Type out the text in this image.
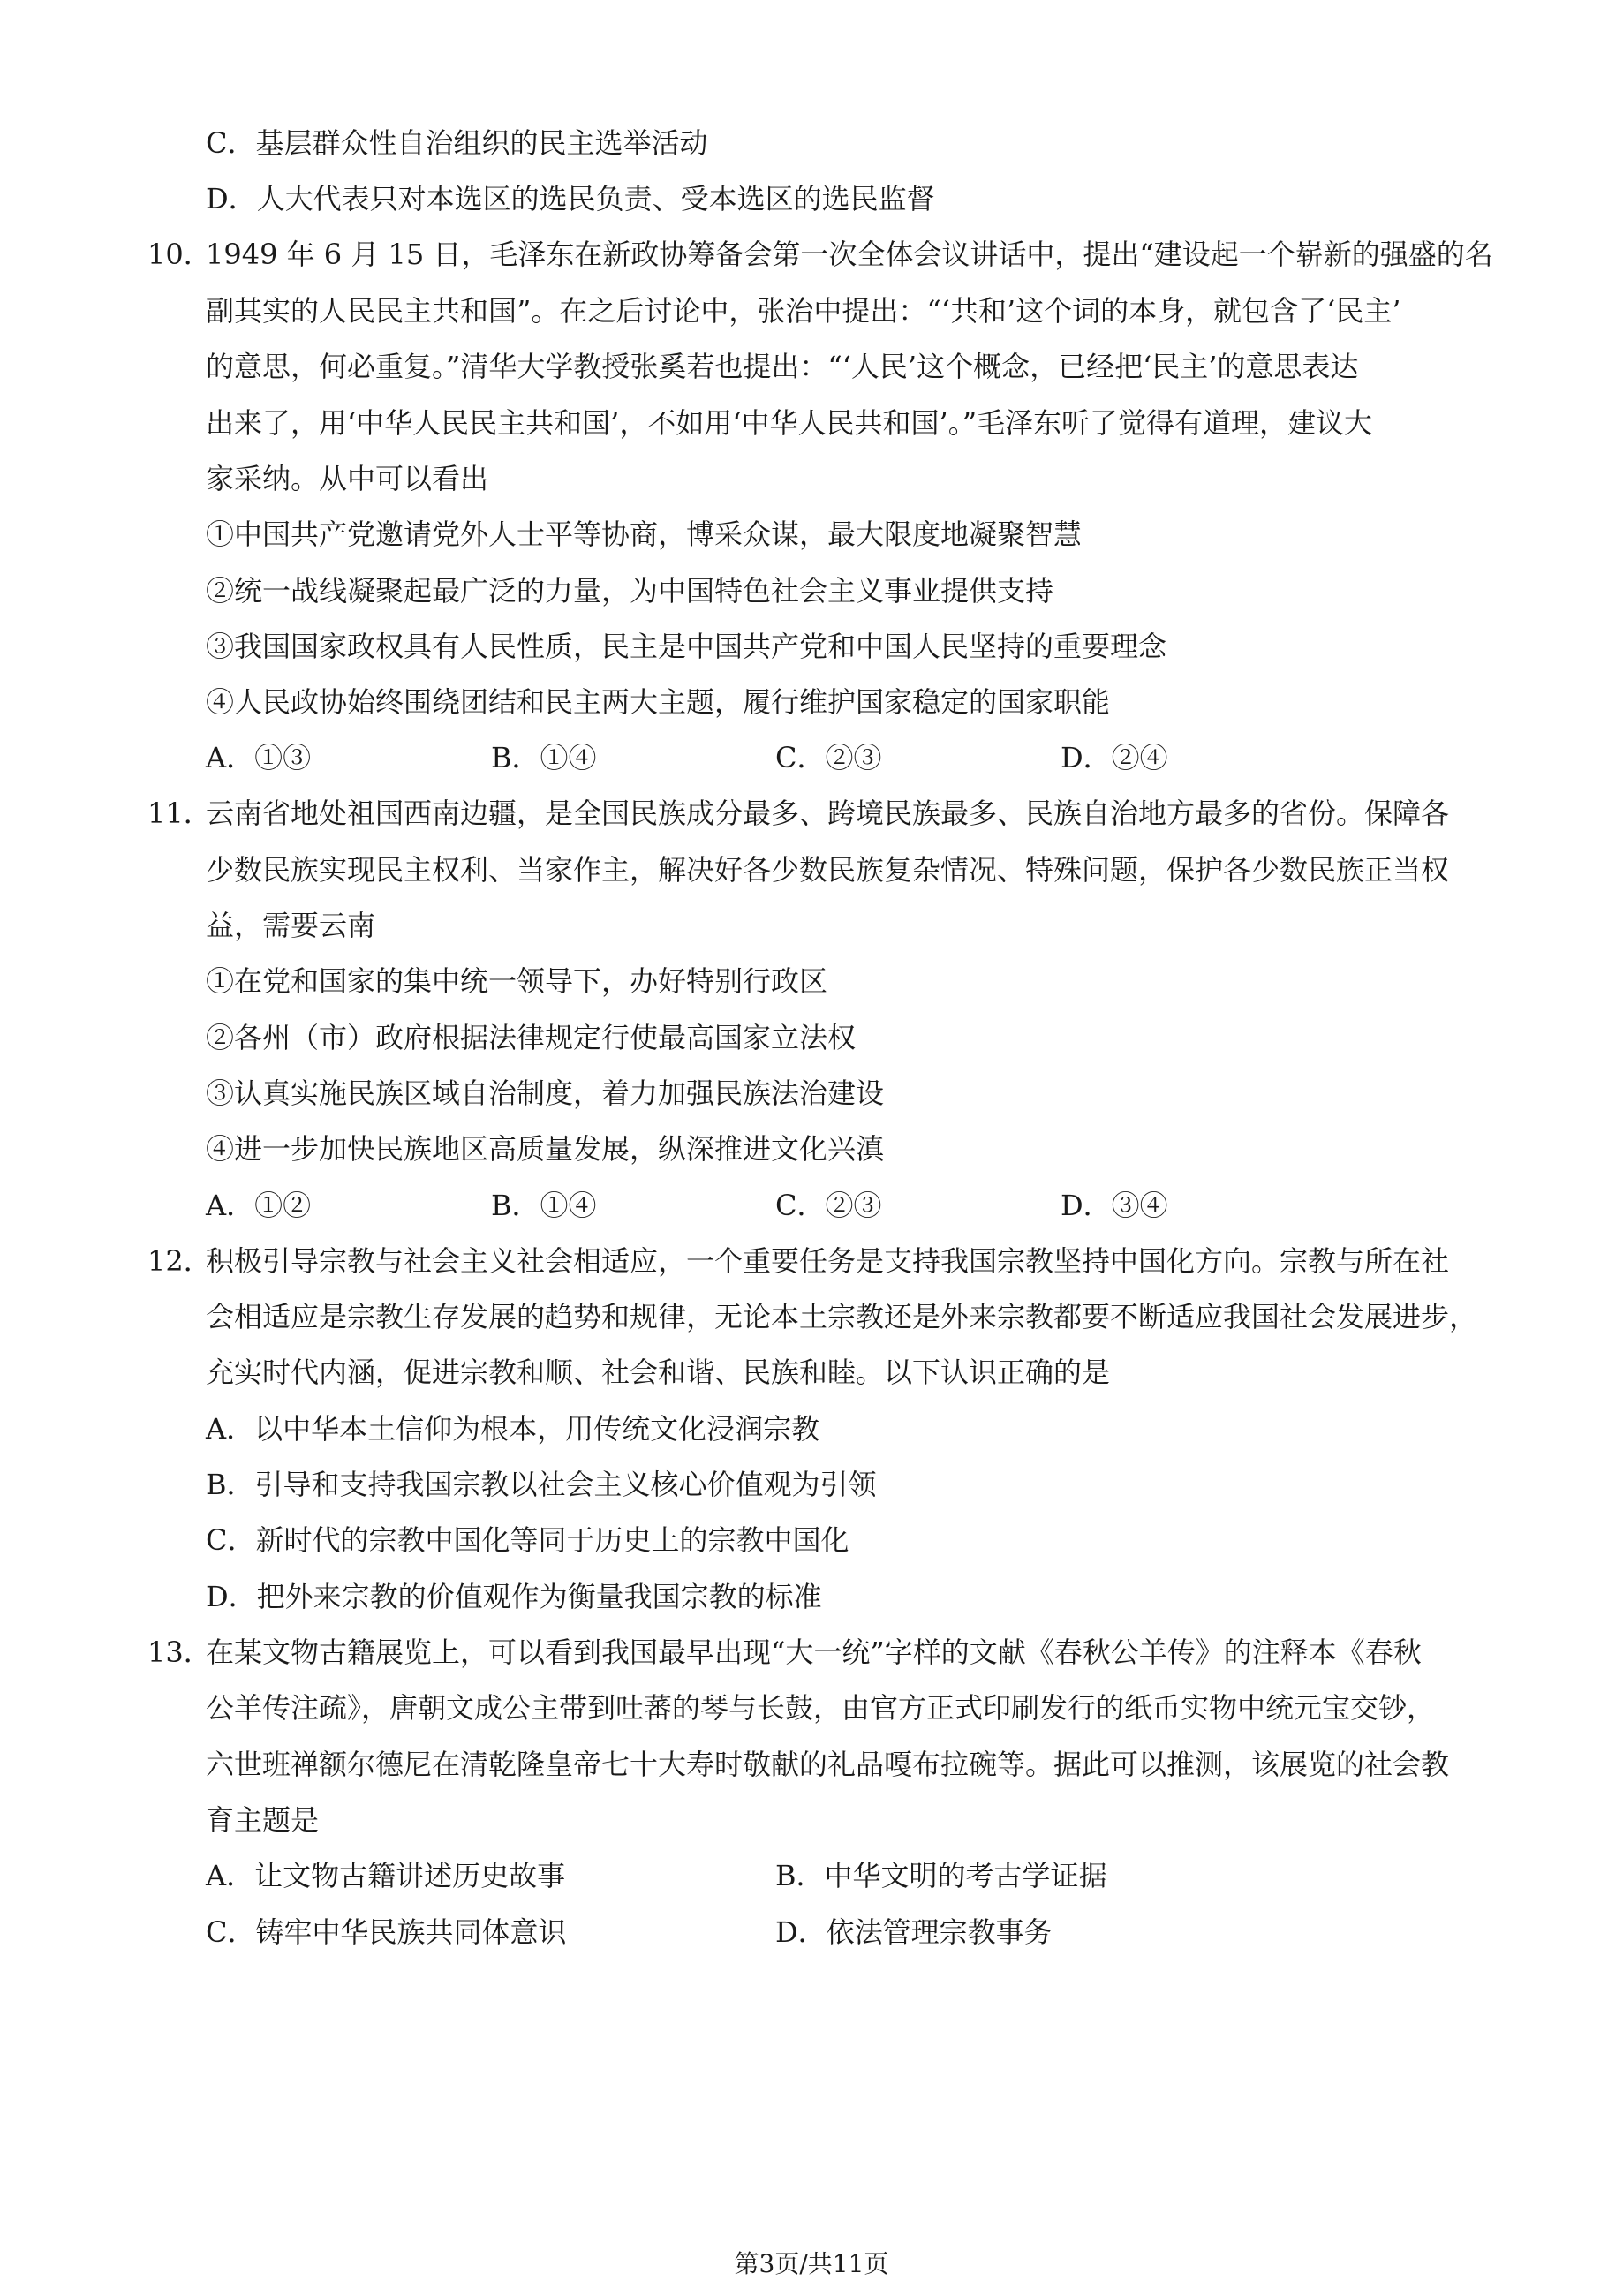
C．基层群众性自治组织的民主选举活动
D．人大代表只对本选区的选民负责、受本选区的选民监督
10．
1949 年 6 月 15 日，毛泽东在新政协筹备会第一次全体会议讲话中，提出“建设起一个崭新的强盛的名
副其实的人民民主共和国”。在之后讨论中，张治中提出：“‘共和’这个词的本身，就包含了‘民主’
的意思，何必重复。”清华大学教授张奚若也提出：“‘人民’这个概念，已经把‘民主’的意思表达
出来了，用‘中华人民民主共和国’，不如用‘中华人民共和国’。”毛泽东听了觉得有道理，建议大
家采纳。从中可以看出
①中国共产党邀请党外人士平等协商，博采众谋，最大限度地凝聚智慧
②统一战线凝聚起最广泛的力量，为中国特色社会主义事业提供支持
③我国国家政权具有人民性质，民主是中国共产党和中国人民坚持的重要理念
④人民政协始终围绕团结和民主两大主题，履行维护国家稳定的国家职能
A．①③	B．①④	C．②③	D．②④
11．
云南省地处祖国西南边疆，是全国民族成分最多、跨境民族最多、民族自治地方最多的省份。保障各
少数民族实现民主权利、当家作主，解决好各少数民族复杂情况、特殊问题，保护各少数民族正当权
益，需要云南
①在党和国家的集中统一领导下，办好特别行政区
②各州（市）政府根据法律规定行使最高国家立法权
③认真实施民族区域自治制度，着力加强民族法治建设
④进一步加快民族地区高质量发展，纵深推进文化兴滇
A．①②	B．①④	C．②③	D．③④
12．
积极引导宗教与社会主义社会相适应，一个重要任务是支持我国宗教坚持中国化方向。宗教与所在社
会相适应是宗教生存发展的趋势和规律，无论本土宗教还是外来宗教都要不断适应我国社会发展进步，
充实时代内涵，促进宗教和顺、社会和谐、民族和睦。以下认识正确的是
A．以中华本土信仰为根本，用传统文化浸润宗教
B．引导和支持我国宗教以社会主义核心价值观为引领
C．新时代的宗教中国化等同于历史上的宗教中国化
D．把外来宗教的价值观作为衡量我国宗教的标准
13．
在某文物古籍展览上，可以看到我国最早出现“大一统”字样的文献《春秋公羊传》的注释本《春秋
公羊传注疏》，唐朝文成公主带到吐蕃的琴与长鼓，由官方正式印刷发行的纸币实物中统元宝交钞，
六世班禅额尔德尼在清乾隆皇帝七十大寿时敬献的礼品嘎布拉碗等。据此可以推测，该展览的社会教
育主题是
A．让文物古籍讲述历史故事	B．中华文明的考古学证据
C．铸牢中华民族共同体意识	D．依法管理宗教事务
第3页/共11页
